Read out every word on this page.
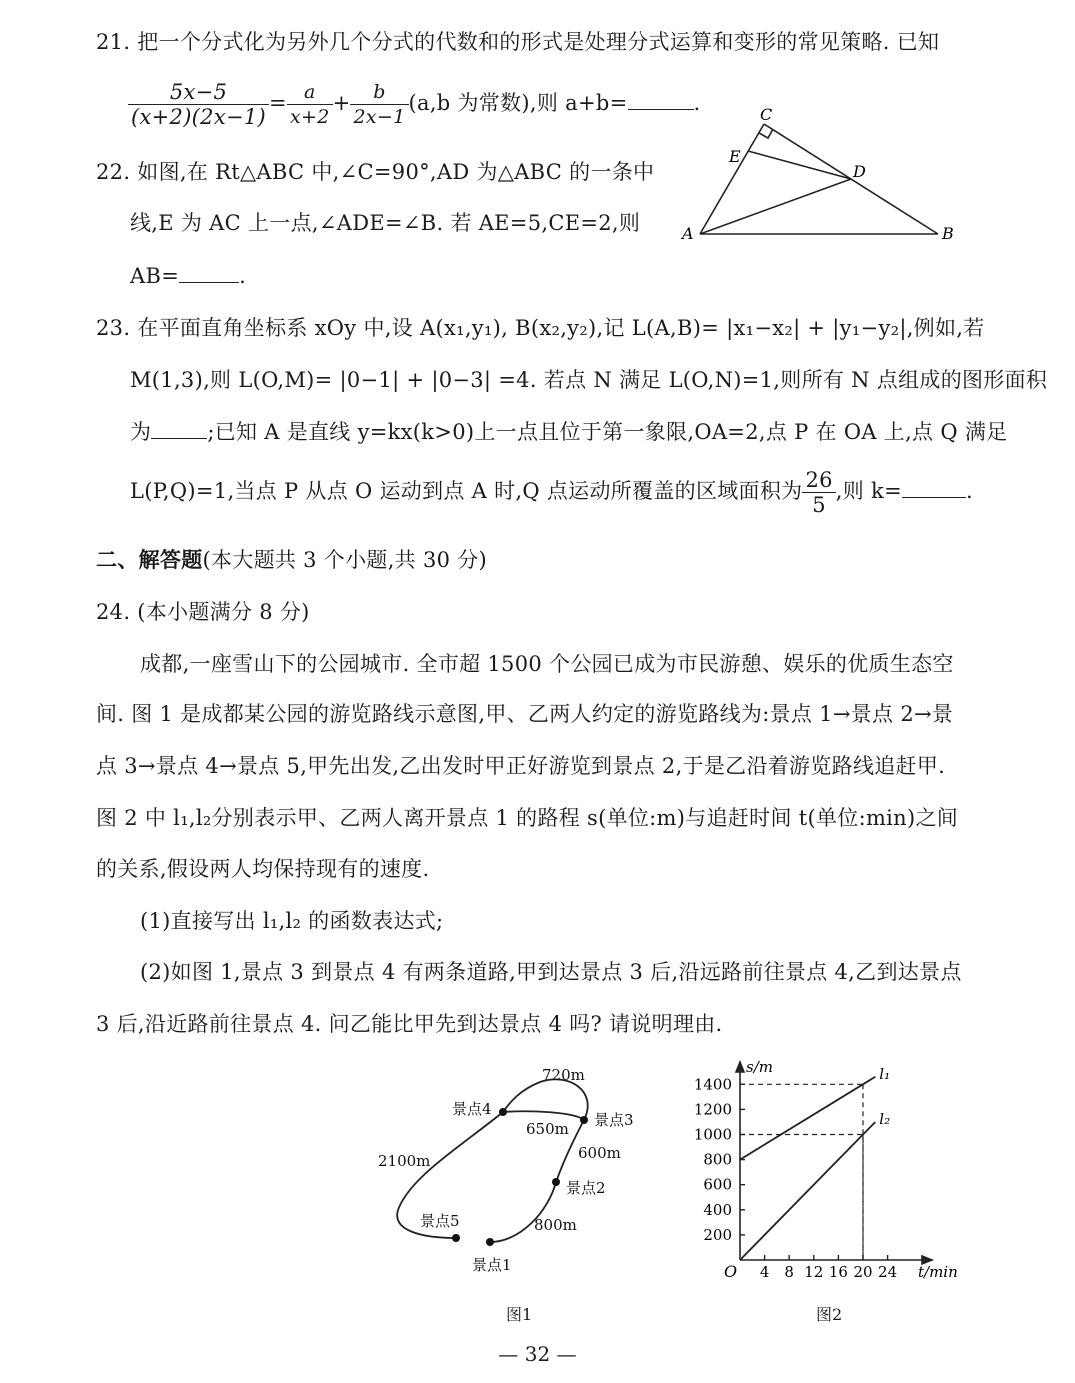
21. 把一个分式化为另外几个分式的代数和的形式是处理分式运算和变形的常见策略. 已知
$\frac{5x-5}{(x+2)(2x-1)} = \frac{a}{x+2} + \frac{b}{2x-1} (a,b$ 为常数),则 a+b=	.
22. 如图,在 Rt△ABC 中,∠C=90°,AD 为△ABC 的一条中
线,E 为 AC 上一点,∠ADE=∠B. 若 AE=5,CE=2,则
AB=	.
C
E
D
A	B
23. 在平面直角坐标系 xOy 中,设 A(x₁,y₁), B(x₂,y₂),记 L(A,B)= |x₁−x₂| + |y₁−y₂|,例如,若
M(1,3),则 L(O,M)= |0−1| + |0−3| =4. 若点 N 满足 L(O,N)=1,则所有 N 点组成的图形面积
为	;已知 A 是直线 y=kx(k>0)上一点且位于第一象限,OA=2,点 P 在 OA 上,点 Q 满足
L(P,Q)=1,当点 P 从点 O 运动到点 A 时,Q 点运动所覆盖的区域面积为 $\frac{26}{5}$ ,则 k=	.
二、解答题(本大题共 3 个小题,共 30 分)
24. (本小题满分 8 分)
成都,一座雪山下的公园城市. 全市超 1500 个公园已成为市民游憩、娱乐的优质生态空
间. 图 1 是成都某公园的游览路线示意图,甲、乙两人约定的游览路线为:景点 1→景点 2→景
点 3→景点 4→景点 5,甲先出发,乙出发时甲正好游览到景点 2,于是乙沿着游览路线追赶甲.
图 2 中 l₁,l₂分别表示甲、乙两人离开景点 1 的路程 s(单位:m)与追赶时间 t(单位:min)之间
的关系,假设两人均保持现有的速度.
(1)直接写出 l₁,l₂ 的函数表达式;
(2)如图 1,景点 3 到景点 4 有两条道路,甲到达景点 3 后,沿远路前往景点 4,乙到达景点
3 后,沿近路前往景点 4. 问乙能比甲先到达景点 4 吗? 请说明理由.
景点1
景点2
景点3
景点4
景点5	800m
600m
650m
720m
2100m
图1
200
400
600
800
1000
1200
1400
4 8 12 16 20 24
l₁
l₂
O
s/m
t/min
图2
— 32 —
